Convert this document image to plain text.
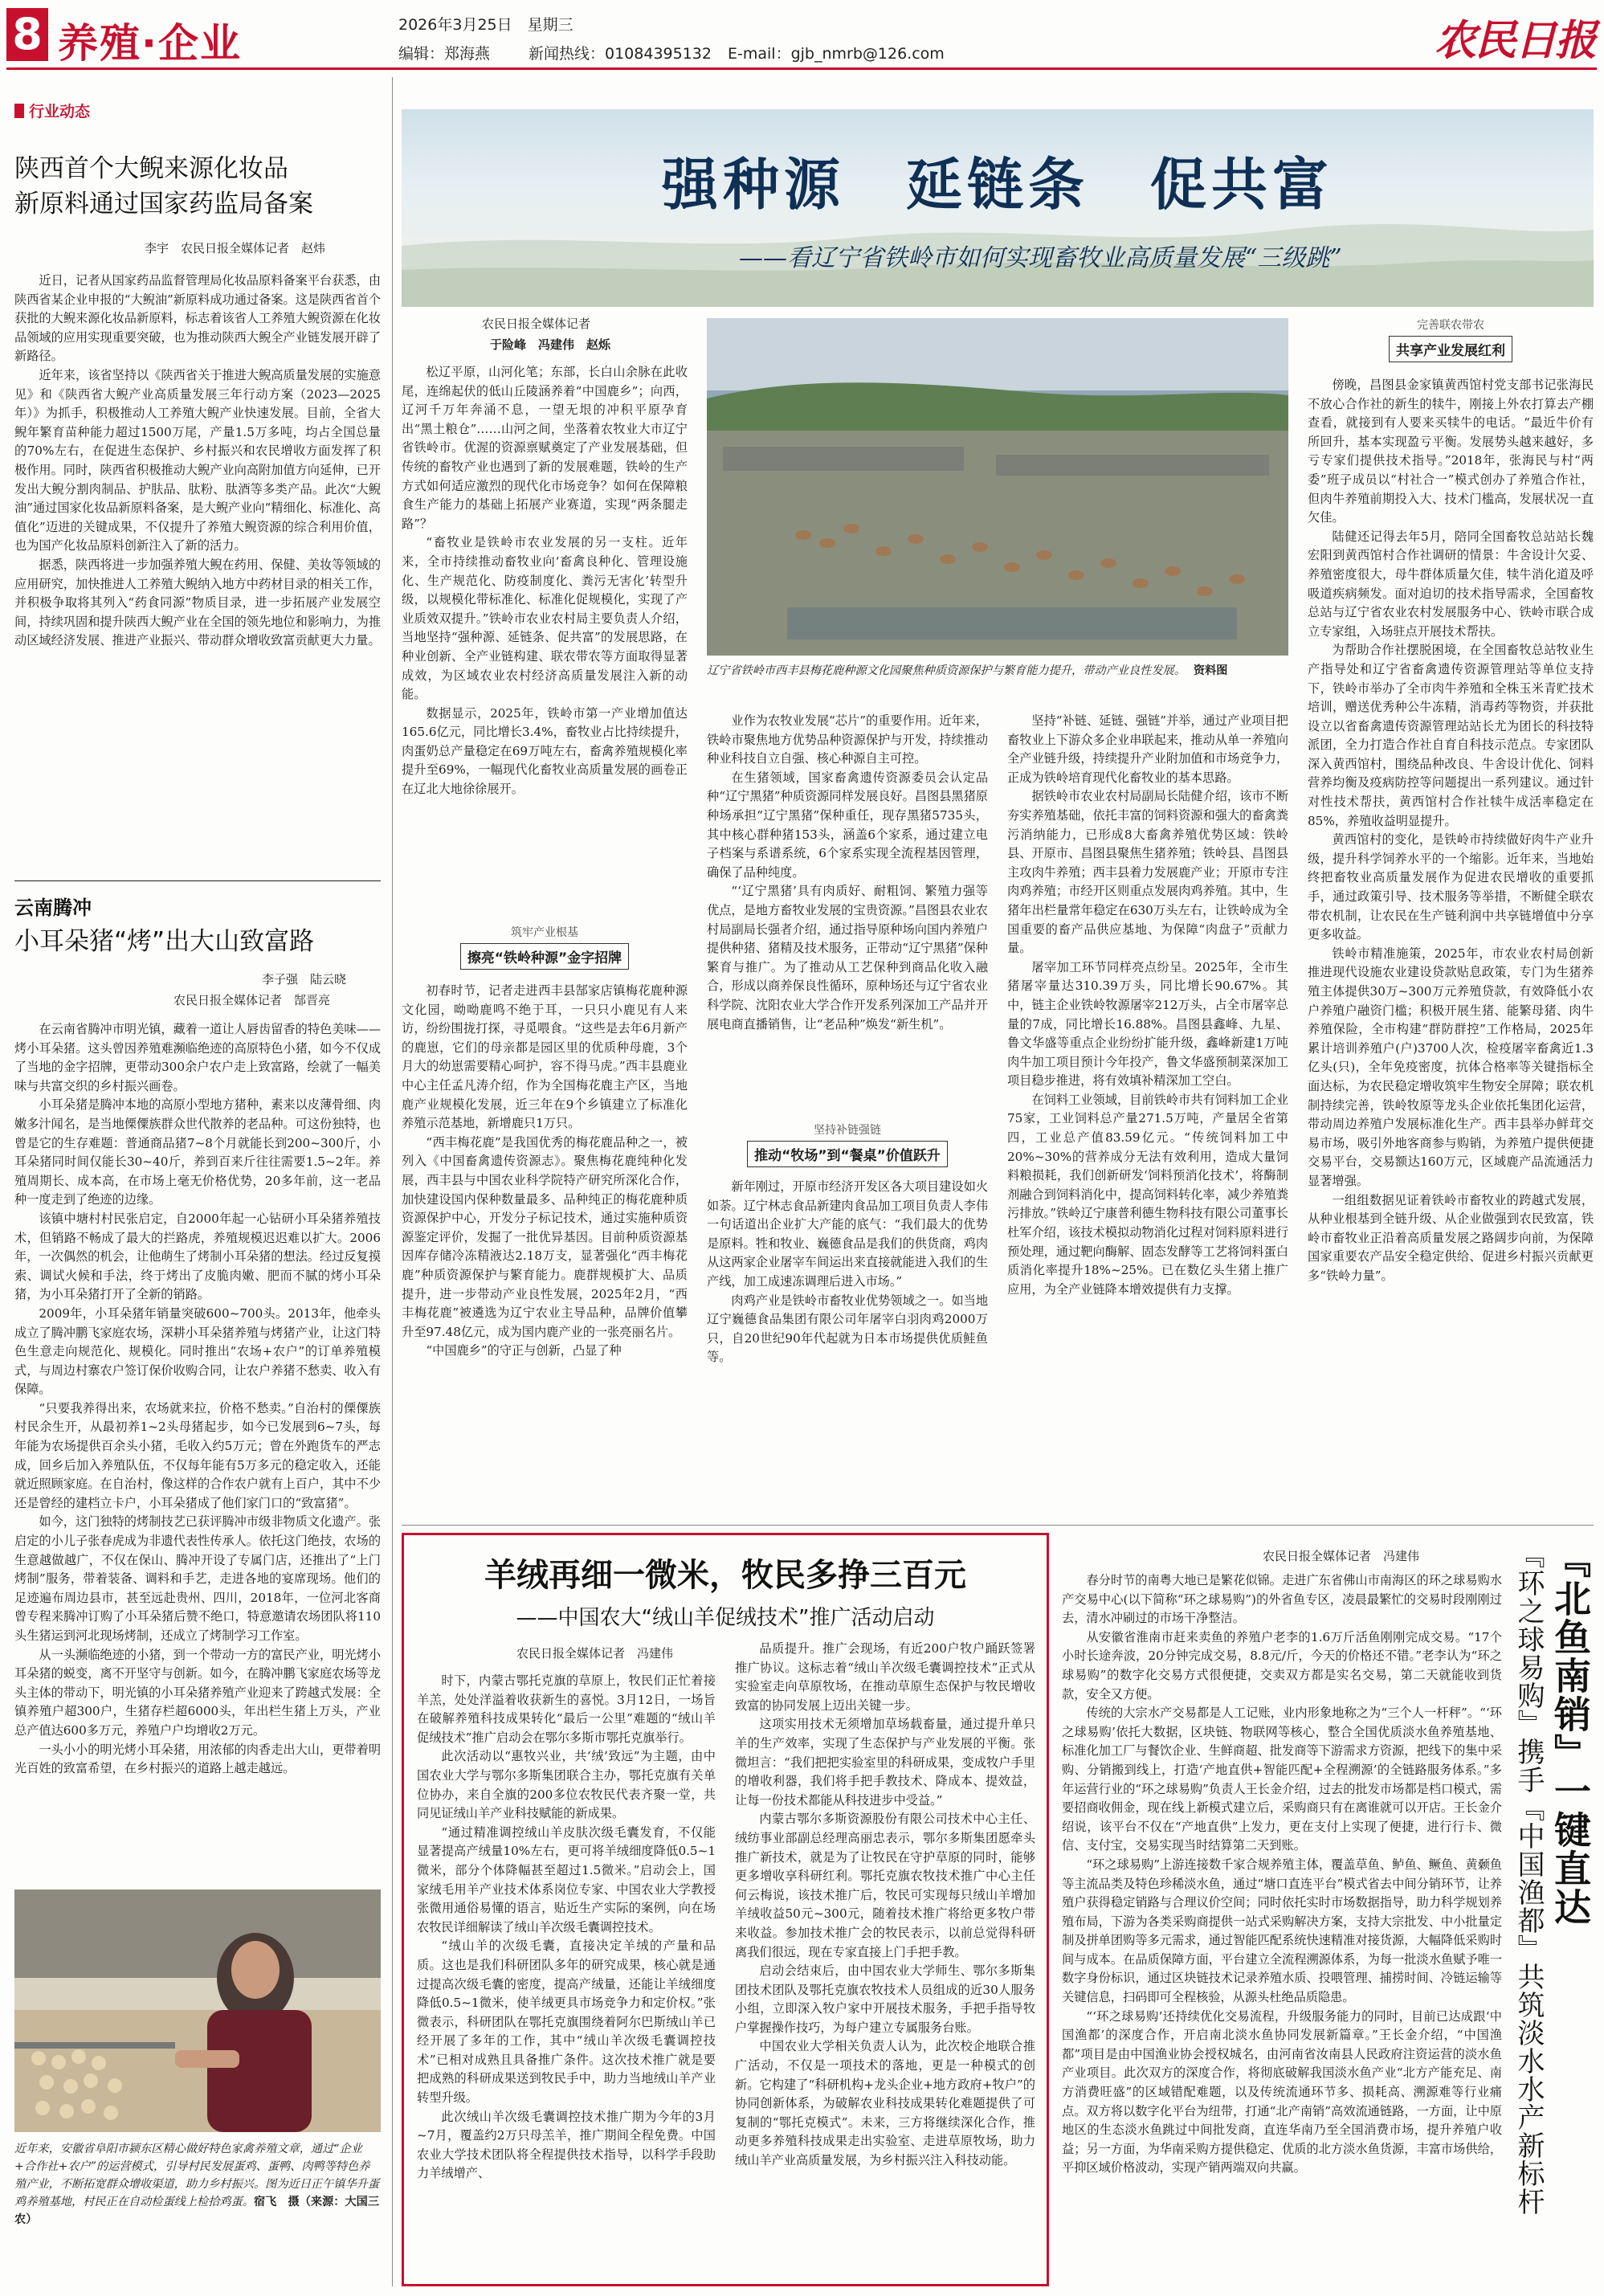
8 养殖·企业	2026年3月25日　星期三
编辑：郑海燕	新闻热线：01084395132 E-mail：gjb_nmrb@126.com	农民日报
行业动态
陕西首个大鲵来源化妆品
新原料通过国家药监局备案
李宇　农民日报全媒体记者　赵炜

近日，记者从国家药品监督管理局化妆品原料备案平台获悉，由陕西省某企业申报的“大鲵油”新原料成功通过备案。这是陕西省首个获批的大鲵来源化妆品新原料，标志着该省人工养殖大鲵资源在化妆品领域的应用实现重要突破，也为推动陕西大鲵全产业链发展开辟了新路径。

近年来，该省坚持以《陕西省关于推进大鲵高质量发展的实施意见》和《陕西省大鲵产业高质量发展三年行动方案（2023—2025年）》为抓手，积极推动人工养殖大鲵产业快速发展。目前，全省大鲵年繁育苗种能力超过1500万尾，产量1.5万多吨，均占全国总量的70%左右，在促进生态保护、乡村振兴和农民增收方面发挥了积极作用。同时，陕西省积极推动大鲵产业向高附加值方向延伸，已开发出大鲵分割肉制品、护肤品、肽粉、肽酒等多类产品。此次“大鲵油”通过国家化妆品新原料备案，是大鲵产业向“精细化、标准化、高值化”迈进的关键成果，不仅提升了养殖大鲵资源的综合利用价值，也为国产化妆品原料创新注入了新的活力。

据悉，陕西将进一步加强养殖大鲵在药用、保健、美妆等领域的应用研究，加快推进人工养殖大鲵纳入地方中药材目录的相关工作，并积极争取将其列入“药食同源”物质目录，进一步拓展产业发展空间，持续巩固和提升陕西大鲵产业在全国的领先地位和影响力，为推动区域经济发展、推进产业振兴、带动群众增收致富贡献更大力量。

云南腾冲
小耳朵猪“烤”出大山致富路
李子强　陆云晓
农民日报全媒体记者　郜晋亮

在云南省腾冲市明光镇，藏着一道让人唇齿留香的特色美味——烤小耳朵猪。这头曾因养殖难瀕临绝迹的高原特色小猪，如今不仅成了当地的金字招牌，更带动300余户农户走上致富路，绘就了一幅美味与共富交织的乡村振兴画卷。

小耳朵猪是腾冲本地的高原小型地方猪种，素来以皮薄骨细、肉嫩多汁闻名，是当地傈僳族群众世代散养的老品种。可这份独特，也曾是它的生存难题：普通商品猪7~8个月就能长到200~300斤，小耳朵猪同时间仅能长30~40斤，养到百来斤往往需要1.5~2年。养殖周期长、成本高，在市场上毫无价格优势，20多年前，这一老品种一度走到了绝迹的边缘。

该镇中塘村村民张启定，自2000年起一心钻研小耳朵猪养殖技术，但销路不畅成了最大的拦路虎，养殖规模迟迟难以扩大。2006年，一次偶然的机会，让他萌生了烤制小耳朵猪的想法。经过反复摸索、调试火候和手法，终于烤出了皮脆肉嫩、肥而不腻的烤小耳朵猪，为小耳朵猪打开了全新的销路。

2009年，小耳朵猪年销量突破600~700头。2013年，他牵头成立了腾冲鹏飞家庭农场，深耕小耳朵猪养殖与烤猪产业，让这门特色生意走向规范化、规模化。同时推出“农场+农户”的订单养殖模式，与周边村寨农户签订保价收购合同，让农户养猪不愁卖、收入有保障。

“只要我养得出来，农场就来拉，价格不愁卖。”自治村的傈僳族村民余生开，从最初养1~2头母猪起步，如今已发展到6~7头，每年能为农场提供百余头小猪，毛收入约5万元；曾在外跑货车的严志成，回乡后加入养殖队伍，不仅每年能有5万多元的稳定收入，还能就近照顾家庭。在自治村，像这样的合作农户就有上百户，其中不少还是曾经的建档立卡户，小耳朵猪成了他们家门口的“致富猪”。

如今，这门独特的烤制技艺已获评腾冲市级非物质文化遗产。张启定的小儿子张春虎成为非遗代表性传承人。依托这门绝技，农场的生意越做越广，不仅在保山、腾冲开设了专属门店，还推出了“上门烤制”服务，带着装备、调料和手艺，走进各地的宴席现场。他们的足迹遍布周边县市，甚至远赴贵州、四川，2018年，一位河北客商曾专程来腾冲订购了小耳朵猪后赞不绝口，特意邀请农场团队将110头生猪运到河北现场烤制，还成立了烤制学习工作室。

从一头濒临绝迹的小猪，到一个带动一方的富民产业，明光烤小耳朵猪的蜕变，离不开坚守与创新。如今，在腾冲鹏飞家庭农场等龙头主体的带动下，明光镇的小耳朵猪养殖产业迎来了跨越式发展：全镇养殖户超300户，生猪存栏超6000头，年出栏生猪上万头，产业总产值达600多万元，养殖户户均增收2万元。

一头小小的明光烤小耳朵猪，用浓郁的肉香走出大山，更带着明光百姓的致富希望，在乡村振兴的道路上越走越远。

近年来，安徽省阜阳市颍东区精心做好特色家禽养殖文章，通过“企业+合作社+农户”的运营模式，引导村民发展蛋鸡、蛋鸭、肉鸭等特色养殖产业，不断拓宽群众增收渠道，助力乡村振兴。图为近日正午镇华升蛋鸡养殖基地，村民正在自动检蛋线上检拾鸡蛋。宿飞　摄（来源：大国三农）
强种源　延链条　促共富
——看辽宁省铁岭市如何实现畜牧业高质量发展“三级跳”
农民日报全媒体记者
于险峰　冯建伟　赵烁

松辽平原，山河化笔；东部，长白山余脉在此收尾，连绵起伏的低山丘陵涵养着“中国鹿乡”；向西，辽河千万年奔涌不息，一望无垠的冲积平原孕育出“黑土粮仓”……山河之间，坐落着农牧业大市辽宁省铁岭市。优渥的资源禀赋奠定了产业发展基础，但传统的畜牧产业也遇到了新的发展难题，铁岭的生产方式如何适应激烈的现代化市场竞争？如何在保障粮食生产能力的基础上拓展产业赛道，实现“两条腿走路”？

“畜牧业是铁岭市农业发展的另一支柱。近年来，全市持续推动畜牧业向‘畜禽良种化、管理设施化、生产规范化、防疫制度化、粪污无害化’转型升级，以规模化带标准化、标准化促规模化，实现了产业质效双提升。”铁岭市农业农村局主要负责人介绍，当地坚持“强种源、延链条、促共富”的发展思路，在种业创新、全产业链构建、联农带农等方面取得显著成效，为区域农业农村经济高质量发展注入新的动能。

数据显示，2025年，铁岭市第一产业增加值达165.6亿元，同比增长3.4%，畜牧业占比持续提升，肉蛋奶总产量稳定在69万吨左右，畜禽养殖规模化率提升至69%，一幅现代化畜牧业高质量发展的画卷正在辽北大地徐徐展开。

筑牢产业根基
擦亮“铁岭种源”金字招牌

初春时节，记者走进西丰县郜家店镇梅花鹿种源文化园，呦呦鹿鸣不绝于耳，一只只小鹿见有人来访，纷纷围拢打探，寻觅喂食。“这些是去年6月新产的鹿崽，它们的母亲都是园区里的优质种母鹿，3个月大的幼崽需要精心呵护，容不得马虎。”西丰县鹿业中心主任孟凡涛介绍，作为全国梅花鹿主产区，当地鹿产业规模化发展，近三年在9个乡镇建立了标准化养殖示范基地，新增鹿只1万只。

“西丰梅花鹿”是我国优秀的梅花鹿品种之一，被列入《中国畜禽遗传资源志》。聚焦梅花鹿纯种化发展，西丰县与中国农业科学院特产研究所深化合作，加快建设国内保种数量最多、品种纯正的梅花鹿种质资源保护中心，开发分子标记技术，通过实施种质资源鉴定评价，发掘了一批优异基因。目前种质资源基因库存储冷冻精液达2.18万支，显著强化“西丰梅花鹿”种质资源保护与繁育能力。鹿群规模扩大、品质提升，进一步带动产业良性发展，2025年2月，“西丰梅花鹿”被遴选为辽宁农业主导品种，品牌价值攀升至97.48亿元，成为国内鹿产业的一张亮丽名片。

“中国鹿乡”的守正与创新，凸显了种

辽宁省铁岭市西丰县梅花鹿种源文化园聚焦种质资源保护与繁育能力提升，带动产业良性发展。 资料图

业作为农牧业发展“芯片”的重要作用。近年来，铁岭市聚焦地方优势品种资源保护与开发，持续推动种业科技自立自强、核心种源自主可控。

在生猪领域，国家畜禽遗传资源委员会认定品种“辽宁黑猪”种质资源同样发展良好。昌图县黑猪原种场承担“辽宁黑猪”保种重任，现存黑猪5735头，其中核心群种猪153头，涵盖6个家系，通过建立电子档案与系谱系统，6个家系实现全流程基因管理，确保了品种纯度。

“‘辽宁黑猪’具有肉质好、耐粗饲、繁殖力强等优点，是地方畜牧业发展的宝贵资源。”昌图县农业农村局副局长强者介绍，通过指导原种场向国内养殖户提供种猪、猪精及技术服务，正带动“辽宁黑猪”保种繁育与推广。为了推动从工艺保种到商品化收入融合，形成以商养保良性循环，原种场还与辽宁省农业科学院、沈阳农业大学合作开发系列深加工产品并开展电商直播销售，让“老品种”焕发“新生机”。

坚持补链强链
推动“牧场”到“餐桌”价值跃升

新年刚过，开原市经济开发区各大项目建设如火如荼。辽宁林志食品新建肉食品加工项目负责人李伟一句话道出企业扩大产能的底气：“我们最大的优势是原料。牲和牧业、巍德食品是我们的供货商，鸡肉从这两家企业屠宰车间运出来直接就能进入我们的生产线，加工成速冻调理后进入市场。”

肉鸡产业是铁岭市畜牧业优势领域之一。如当地辽宁巍德食品集团有限公司年屠宰白羽肉鸡2000万只，自20世纪90年代起就为日本市场提供优质鲑鱼等。

坚持“补链、延链、强链”并举，通过产业项目把畜牧业上下游众多企业串联起来，推动从单一养殖向全产业链升级，持续提升产业附加值和市场竞争力，正成为铁岭培育现代化畜牧业的基本思路。

据铁岭市农业农村局副局长陆健介绍，该市不断夯实养殖基础，依托丰富的饲料资源和强大的畜禽粪污消纳能力，已形成8大畜禽养殖优势区域：铁岭县、开原市、昌图县聚焦生猪养殖；铁岭县、昌图县主攻肉牛养殖；西丰县着力发展鹿产业；开原市专注肉鸡养殖；市经开区则重点发展肉鸡养殖。其中，生猪年出栏量常年稳定在630万头左右，让铁岭成为全国重要的畜产品供应基地、为保障“肉盘子”贡献力量。

屠宰加工环节同样亮点纷呈。2025年，全市生猪屠宰量达310.39万头，同比增长90.67%。其中，链主企业铁岭牧源屠宰212万头，占全市屠宰总量的7成，同比增长16.88%。昌图县鑫峰、九星、鲁文华盛等重点企业纷纷扩能升级，鑫峰新建1万吨肉牛加工项目预计今年投产，鲁文华盛预制菜深加工项目稳步推进，将有效填补精深加工空白。

在饲料工业领域，目前铁岭市共有饲料加工企业75家，工业饲料总产量271.5万吨，产量居全省第四，工业总产值83.59亿元。“传统饲料加工中20%~30%的营养成分无法有效利用，造成大量饲料粮损耗，我们创新研发‘饲料预消化技术’，将酶制剂融合到饲料消化中，提高饲料转化率，减少养殖粪污排放。”铁岭辽宁康普利德生物科技有限公司董事长杜军介绍，该技术模拟动物消化过程对饲料原料进行预处理，通过靶向酶解、固态发酵等工艺将饲料蛋白质消化率提升18%~25%。已在数亿头生猪上推广应用，为全产业链降本增效提供有力支撑。

完善联农带农
共享产业发展红利

傍晚，昌图县金家镇黄西馆村党支部书记张海民不放心合作社的新生的犊牛，刚接上外农打算去产棚查看，就接到有人要来买犊牛的电话。“最近牛价有所回升，基本实现盈亏平衡。发展势头越来越好，多亏专家们提供技术指导。”2018年，张海民与村“两委”班子成员以“村社合一”模式创办了养殖合作社，但肉牛养殖前期投入大、技术门槛高，发展状况一直欠佳。

陆健还记得去年5月，陪同全国畜牧总站站长魏宏阳到黄西馆村合作社调研的情景：牛舍设计欠妥、养殖密度很大，母牛群体质量欠佳，犊牛消化道及呼吸道疾病频发。面对迫切的技术指导需求，全国畜牧总站与辽宁省农业农村发展服务中心、铁岭市联合成立专家组，入场驻点开展技术帮扶。

为帮助合作社摆脱困境，在全国畜牧总站牧业生产指导处和辽宁省畜禽遗传资源管理站等单位支持下，铁岭市举办了全市肉牛养殖和全株玉米青贮技术培训，赠送优秀种公牛冻精，消毒药等物资，并获批设立以省畜禽遗传资源管理站站长尤为团长的科技特派团，全力打造合作社自育自科技示范点。专家团队深入黄西馆村，围绕品种改良、牛舍设计优化、饲料营养均衡及疫病防控等问题提出一系列建议。通过针对性技术帮扶，黄西馆村合作社犊牛成活率稳定在85%，养殖收益明显提升。

黄西馆村的变化，是铁岭市持续做好肉牛产业升级，提升科学饲养水平的一个缩影。近年来，当地始终把畜牧业高质量发展作为促进农民增收的重要抓手，通过政策引导、技术服务等举措，不断健全联农带农机制，让农民在生产链利润中共享链增值中分享更多收益。

铁岭市精准施策，2025年，市农业农村局创新推进现代设施农业建设贷款贴息政策，专门为生猪养殖主体提供30万~300万元养殖贷款，有效降低小农户养殖户融资门槛；积极开展生猪、能繁母猪、肉牛养殖保险，全市构建“群防群控”工作格局，2025年累计培训养殖户(户)3700人次，检疫屠宰畜禽近1.3亿头(只)，全年免疫密度，抗体合格率等关键指标全面达标，为农民稳定增收筑牢生物安全屏障；联农机制持续完善，铁岭牧原等龙头企业依托集团化运营，带动周边养殖户发展标准化生产。西丰县举办鲜茸交易市场，吸引外地客商参与购销，为养殖户提供便捷交易平台，交易额达160万元，区域鹿产品流通活力显著增强。

一组组数据见证着铁岭市畜牧业的跨越式发展，从种业根基到全链升级、从企业做强到农民致富，铁岭市畜牧业正沿着高质量发展之路阔步向前，为保障国家重要农产品安全稳定供给、促进乡村振兴贡献更多“铁岭力量”。

羊绒再细一微米，牧民多挣三百元
——中国农大“绒山羊促绒技术”推广活动启动
农民日报全媒体记者　冯建伟

时下，内蒙古鄂托克旗的草原上，牧民们正忙着接羊羔，处处洋溢着收获新生的喜悦。3月12日，一场旨在破解养殖科技成果转化“最后一公里”难题的“绒山羊促绒技术”推广启动会在鄂尔多斯市鄂托克旗举行。

此次活动以“惠牧兴业，共‘绒’致远”为主题，由中国农业大学与鄂尔多斯集团联合主办，鄂托克旗有关单位协办，来自全旗的200多位农牧民代表齐聚一堂，共同见证绒山羊产业科技赋能的新成果。

“通过精准调控绒山羊皮肤次级毛囊发育，不仅能显著提高产绒量10%左右，更可将羊绒细度降低0.5~1微米，部分个体降幅甚至超过1.5微米。”启动会上，国家绒毛用羊产业技术体系岗位专家、中国农业大学教授张微用通俗易懂的语言，贴近生产实际的案例，向在场农牧民详细解读了绒山羊次级毛囊调控技术。

“绒山羊的次级毛囊，直接决定羊绒的产量和品质。这也是我们科研团队多年的研究成果，核心就是通过提高次级毛囊的密度，提高产绒量，还能让羊绒细度降低0.5~1微米，使羊绒更具市场竞争力和定价权。”张微表示，科研团队在鄂托克旗围绕着阿尔巴斯绒山羊已经开展了多年的工作，其中“绒山羊次级毛囊调控技术”已相对成熟且具备推广条件。这次技术推广就是要把成熟的科研成果送到牧民手中，助力当地绒山羊产业转型升级。

此次绒山羊次级毛囊调控技术推广期为今年的3月~7月，覆盖约2万只母羔羊，推广期间全程免费。中国农业大学技术团队将全程提供技术指导，以科学手段助力羊绒增产、

品质提升。推广会现场，有近200户牧户踊跃签署推广协议。这标志着“绒山羊次级毛囊调控技术”正式从实验室走向草原牧场，在推动草原生态保护与牧民增收致富的协同发展上迈出关键一步。

这项实用技术无须增加草场载畜量，通过提升单只羊的生产效率，实现了生态保护与产业发展的平衡。张微坦言：“我们把把实验室里的科研成果，变成牧户手里的增收利器，我们将手把手教技术、降成本、提效益，让每一份技术都能从科技进步中受益。”

内蒙古鄂尔多斯资源股份有限公司技术中心主任、绒纺事业部副总经理高丽忠表示，鄂尔多斯集团愿牵头推广新技术，就是为了让牧民在守护草原的同时，能够更多增收享科研红利。鄂托克旗农牧技术推广中心主任何云梅说，该技术推广后，牧民可实现每只绒山羊增加羊绒收益50元~300元，随着技术推广将给更多牧户带来收益。参加技术推广会的牧民表示，以前总觉得科研离我们很远，现在专家直接上门手把手教。

启动会结束后，由中国农业大学师生、鄂尔多斯集团技术团队及鄂托克旗农牧技术人员组成的近30人服务小组，立即深入牧户家中开展技术服务，手把手指导牧户掌握操作技巧，为每户建立专属服务台账。

中国农业大学相关负责人认为，此次校企地联合推广活动，不仅是一项技术的落地，更是一种模式的创新。它构建了“科研机构+龙头企业+地方政府+牧户”的协同创新体系，为破解农业科技成果转化难题提供了可复制的“鄂托克模式”。未来，三方将继续深化合作，推动更多养殖科技成果走出实验室、走进草原牧场，助力绒山羊产业高质量发展，为乡村振兴注入科技动能。

农民日报全媒体记者　冯建伟

春分时节的南粤大地已是繁花似锦。走进广东省佛山市南海区的环之球易购水产交易中心(以下简称“环之球易购”)的外省鱼专区，凌晨最繁忙的交易时段刚刚过去，清水冲刷过的市场干净整洁。

从安徽省淮南市赶来卖鱼的养殖户老李的1.6万斤活鱼刚刚完成交易。“17个小时长途奔波，20分钟完成交易，8.8元/斤，今天的价格还不错。”老李认为“环之球易购”的数字化交易方式很便捷，交卖双方都是实名交易，第二天就能收到货款，安全又方便。

传统的大宗水产交易都是人工记账，业内形象地称之为“三个人一杆秤”。“‘环之球易购’依托大数据，区块链、物联网等核心，整合全国优质淡水鱼养殖基地、标准化加工厂与餐饮企业、生鲜商超、批发商等下游需求方资源，把线下的集中采购、分销搬到线上，打造‘产地直供+智能匹配+全程溯源’的全链路服务体系。”多年运营行业的“环之球易购”负责人王长金介绍，过去的批发市场都是档口模式，需要招商收佣金，现在线上新模式建立后，采购商只有在离谁就可以开店。王长金介绍说，该平台不仅在“产地直供”上发力，更在支付上实现了便捷，进行行卡、微信、支付宝，交易实现当时结算第二天到账。

“环之球易购”上游连接数千家合规养殖主体，覆盖草鱼、鲈鱼、鳜鱼、黄颡鱼等主流品类及特色珍稀淡水鱼，通过“塘口直连平台”模式省去中间分销环节，让养殖户获得稳定销路与合理议价空间；同时依托实时市场数据指导，助力科学规划养殖布局，下游为各类采购商提供一站式采购解决方案，支持大宗批发、中小批量定制及拼单团购等多元需求，通过智能匹配系统快速精准对接货源，大幅降低采购时间与成本。在品质保障方面，平台建立全流程溯源体系，为每一批淡水鱼赋予唯一数字身份标识，通过区块链技术记录养殖水质、投喂管理、捕捞时间、冷链运输等关键信息，扫码即可全程核验，从源头杜绝品质隐患。

“‘环之球易购’还持续优化交易流程，升级服务能力的同时，目前已达成跟‘中国渔都’的深度合作，开启南北淡水鱼协同发展新篇章。”王长金介绍，“中国渔都”项目是由中国渔业协会授权城名，由河南省汝南县人民政府注资运营的淡水鱼产业项目。此次双方的深度合作，将彻底破解我国淡水鱼产业“北方产能充足、南方消费旺盛”的区域错配难题，以及传统流通环节多、损耗高、溯源难等行业痛点。双方将以数字化平台为纽带，打通“北产南销”高效流通链路，一方面，让中原地区的生态淡水鱼跳过中间批发商，直连华南乃至全国消费市场，提升养殖户收益；另一方面，为华南采购方提供稳定、优质的北方淡水鱼货源，丰富市场供给，平抑区域价格波动，实现产销两端双向共赢。	『环之球易购』携手『中国渔都』共筑淡水水产新标杆 『北鱼南销』一键直达
